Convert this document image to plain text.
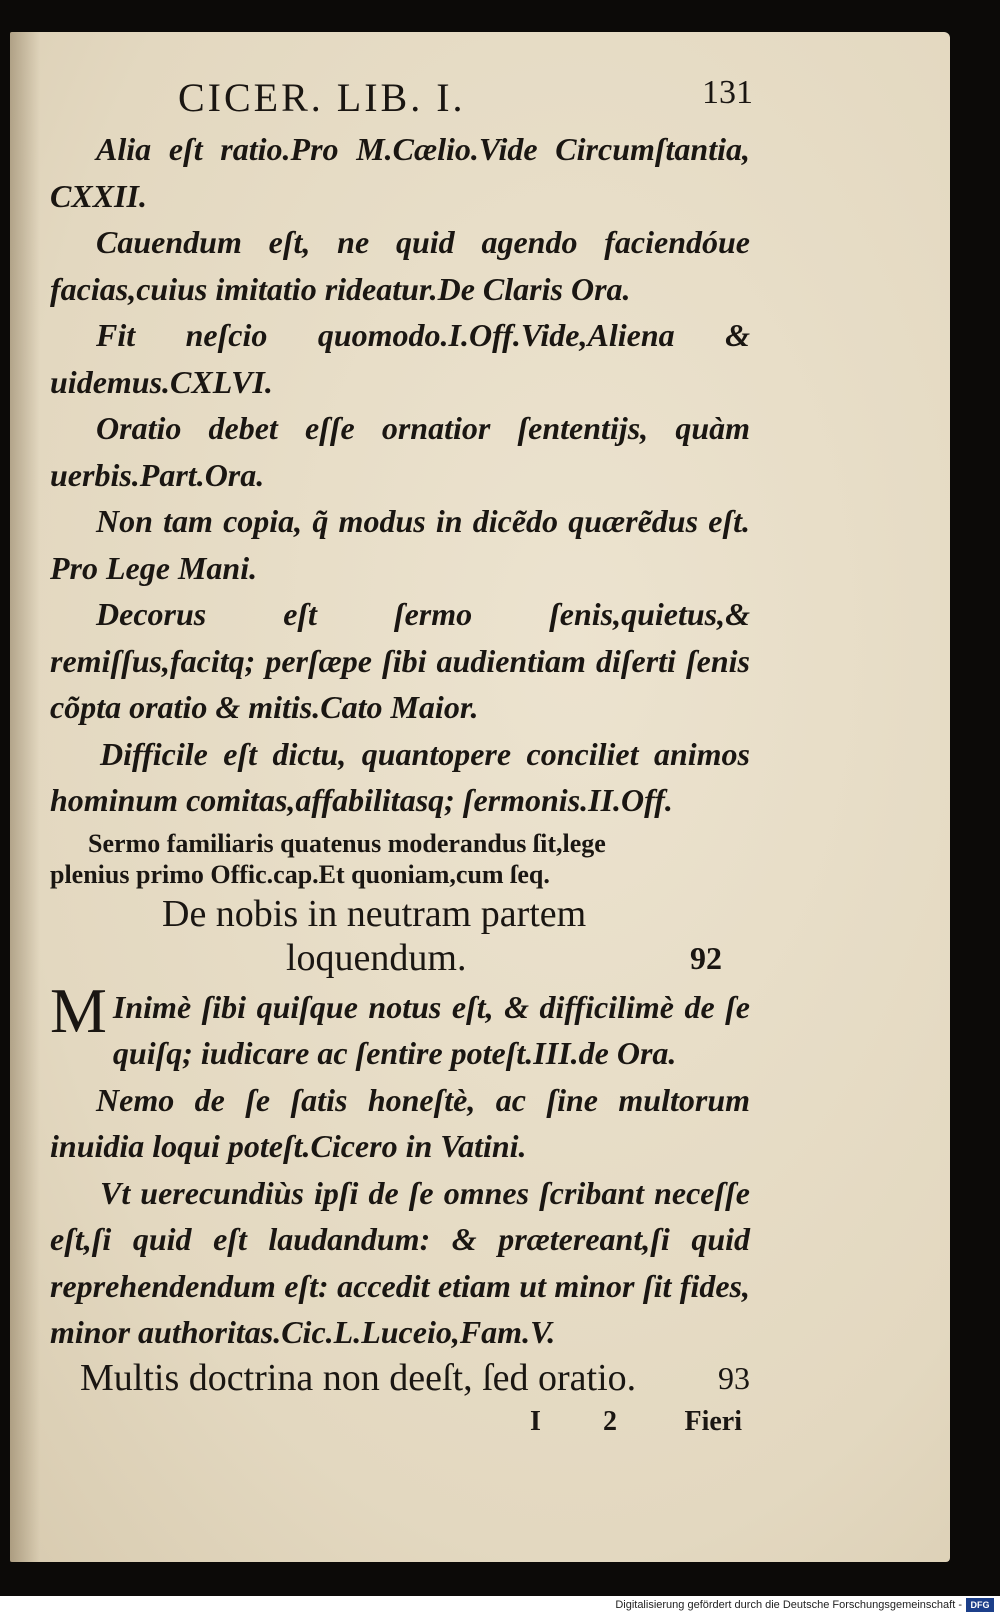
CICER. LIB. I.	131

Alia eſt ratio.Pro M.Cælio.Vide Circumſtantia, CXXII.

Cauendum eſt, ne quid agendo faciendóue facias,cuius imitatio rideatur.De Claris Ora.

Fit neſcio quomodo.I.Off.Vide,Aliena & uidemus.CXLVI.

Oratio debet eſſe ornatior ſententijs, quàm uerbis.Part.Ora.

Non tam copia, q̃ modus in dicẽdo quærẽdus eſt. Pro Lege Mani.

Decorus eſt ſermo ſenis,quietus,& remiſſus,facitq; perſæpe ſibi audientiam diſerti ſenis cõpta oratio & mitis.Cato Maior.

Difficile eſt dictu, quantopere conciliet animos hominum comitas,affabilitasq; ſermonis.II.Off.

Sermo familiaris quatenus moderandus ſit,lege
plenius primo Offic.cap.Et quoniam,cum ſeq.
De nobis in neutram partem
loquendum.	92

M Inimè ſibi quiſque notus eſt, & difficilimè de ſe quiſq; iudicare ac ſentire poteſt.III.de Ora.

Nemo de ſe ſatis honeſtè, ac ſine multorum inuidia loqui poteſt.Cicero in Vatini.

Vt uerecundiùs ipſi de ſe omnes ſcribant neceſſe eſt,ſi quid eſt laudandum: & prætereant,ſi quid reprehendendum eſt: accedit etiam ut minor ſit fides, minor authoritas.Cic.L.Luceio,Fam.V.

Multis doctrina non deeſt, ſed oratio.	93
I 2 Fieri
Digitalisierung gefördert durch die Deutsche Forschungsgemeinschaft - DFG
